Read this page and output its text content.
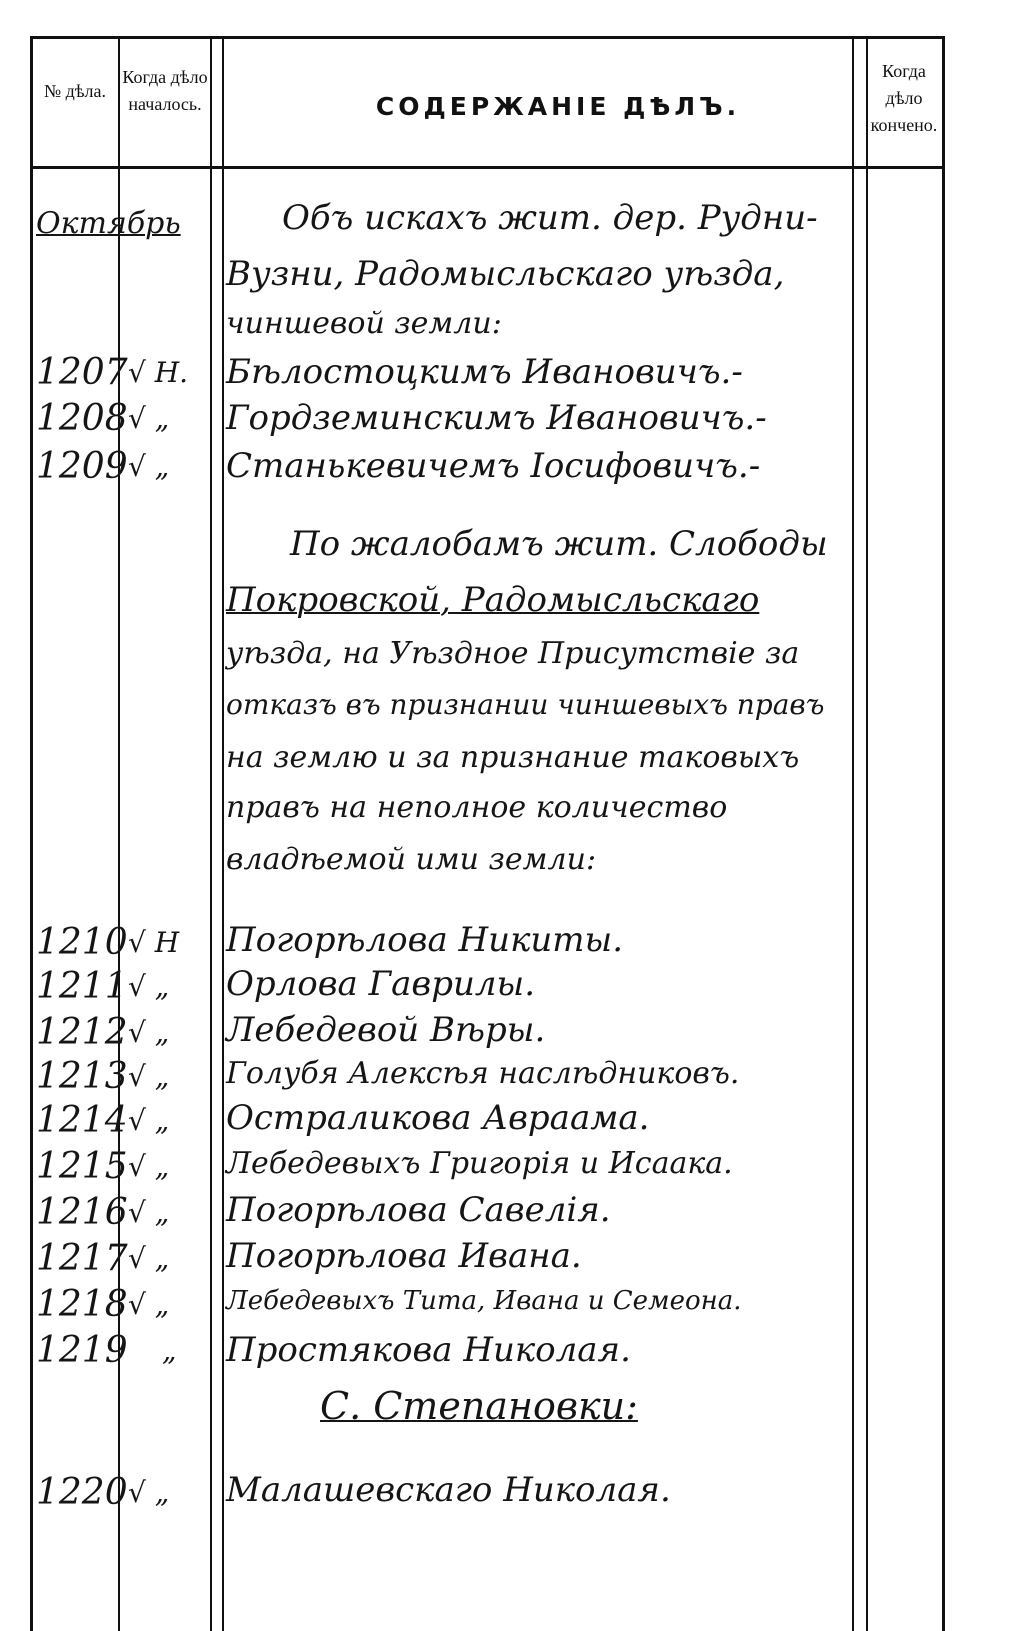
№ дѣла.
Когда дѣло началось.	СОДЕРЖАНІЕ ДѢЛЪ.
Когда дѣло кончено.
Октябрь	Объ искахъ жит. дер. Рудни-
Вузни, Радомысльскаго уѣзда,
чиншевой земли:
1207 √ Н. Бѣлостоцкимъ Ивановичъ.-
1208 √ „ Гордземинскимъ Ивановичъ.-
1209 √ „ Станькевичемъ Іосифовичъ.-
По жалобамъ жит. Слободы
Покровской, Радомысльскаго
уѣзда, на Уѣздное Присутствіе за
отказъ въ признании чиншевыхъ правъ
на землю и за признание таковыхъ
правъ на неполное количество
владѣемой ими земли:
1210 √ Н Погорѣлова Никиты.
1211 √ „ Орлова Гаврилы.
1212 √ „ Лебедевой Вѣры.
1213 √ „ Голубя Алексѣя наслѣдниковъ.
1214 √ „ Остраликова Авраама.
1215 √ „ Лебедевыхъ Григорія и Исаака.
1216 √ „ Погорѣлова Савелія.
1217 √ „ Погорѣлова Ивана.
1218 √ „ Лебедевыхъ Тита, Ивана и Семеона.
1219 „ Простякова Николая.
С. Степановки:
1220 √ „ Малашевскаго Николая.
